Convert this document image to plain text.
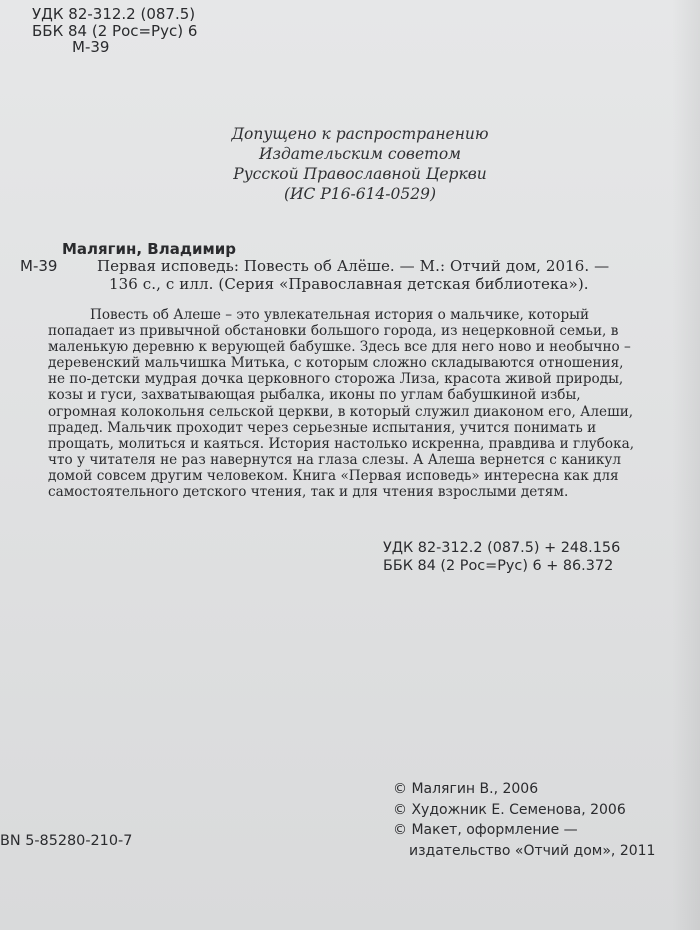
УДК 82-312.2 (087.5)
ББК 84 (2 Рос=Рус) 6
М-39
Допущено к распространению
Издательским советом
Русской Православной Церкви
(ИС Р16-614-0529)
Малягин, Владимир
М-39	Первая исповедь: Повесть об Алёше. — М.: Отчий дом, 2016. —
136 с., с илл. (Серия «Православная детская библиотека»).
Повесть об Алеше – это увлекательная история о мальчике, который
попадает из привычной обстановки большого города, из нецерковной семьи, в
маленькую деревню к верующей бабушке. Здесь все для него ново и необычно –
деревенский мальчишка Митька, с которым сложно складываются отношения,
не по-детски мудрая дочка церковного сторожа Лиза, красота живой природы,
козы и гуси, захватывающая рыбалка, иконы по углам бабушкиной избы,
огромная колокольня сельской церкви, в который служил диаконом его, Алеши,
прадед. Мальчик проходит через серьезные испытания, учится понимать и
прощать, молиться и каяться. История настолько искренна, правдива и глубока,
что у читателя не раз навернутся на глаза слезы. А Алеша вернется с каникул
домой совсем другим человеком. Книга «Первая исповедь» интересна как для
самостоятельного детского чтения, так и для чтения взрослыми детям.
УДК 82-312.2 (087.5) + 248.156
ББК 84 (2 Рос=Рус) 6 + 86.372
© Малягин В., 2006
© Художник Е. Семенова, 2006
© Макет, оформление —
издательство «Отчий дом», 2011
ВN 5-85280-210-7
